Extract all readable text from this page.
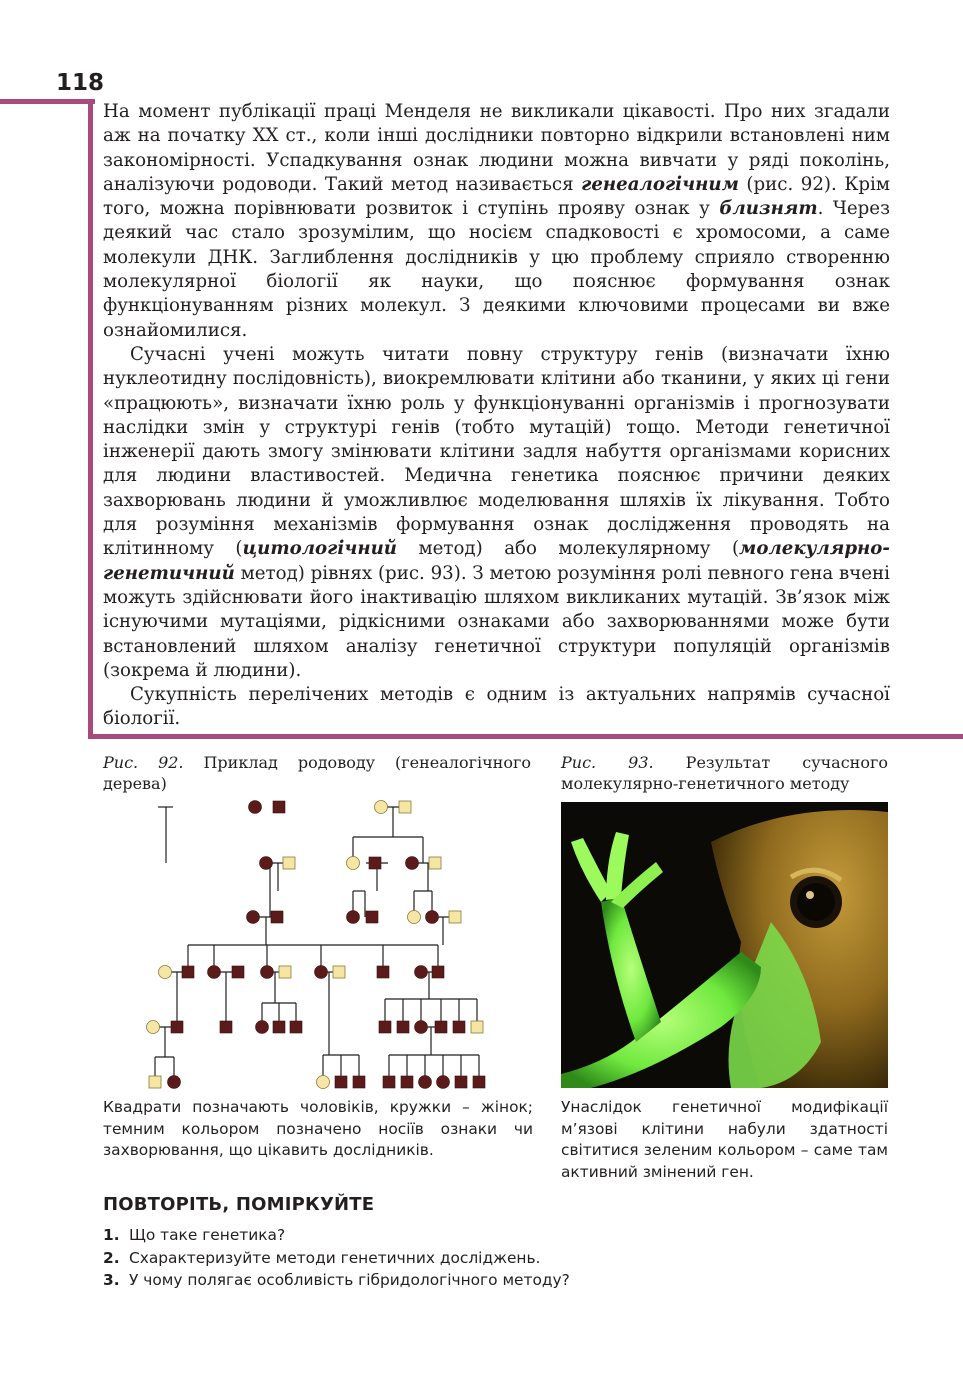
118

На момент публікації праці Менделя не викликали цікавості. Про них згадали аж на початку XX ст., коли інші дослідники повторно відкрили встановлені ним закономірності. Успадкування ознак людини можна вивчати у ряді поколінь, аналізуючи родоводи. Такий метод називається генеалогічним (рис. 92). Крім того, можна порівнювати розвиток і ступінь прояву ознак у близнят. Через деякий час стало зрозумілим, що носієм спадковості є хромосоми, а саме молекули ДНК. Заглиблення дослідників у цю проблему сприяло створенню молекулярної біології як науки, що пояснює формування ознак функціонуванням різних молекул. З деякими ключовими процесами ви вже ознайомилися.

Сучасні учені можуть читати повну структуру генів (визначати їхню нуклеотидну послідовність), виокремлювати клітини або тканини, у яких ці гени «працюють», визначати їхню роль у функціонуванні організмів і прогнозувати наслідки змін у структурі генів (тобто мутацій) тощо. Методи генетичної інженерії дають змогу змінювати клітини задля набуття організмами корисних для людини властивостей. Медична генетика пояснює причини деяких захворювань людини й уможливлює моделювання шляхів їх лікування. Тобто для розуміння механізмів формування ознак дослідження проводять на клітинному (цитологічний метод) або молекулярному (молекулярно-генетичний метод) рівнях (рис. 93). З метою розуміння ролі певного гена вчені можуть здійснювати його інактивацію шляхом викликаних мутацій. Зв’язок між існуючими мутаціями, рідкісними ознаками або захворюваннями може бути встановлений шляхом аналізу генетичної структури популяцій організмів (зокрема й людини).

Сукупність перелічених методів є одним із актуальних напрямів сучасної біології.

Рис. 92. Приклад родоводу (генеалогічного дерева)
Рис. 93. Результат сучасного молекулярно-генетичного методу
Квадрати позначають чоловіків, кружки – жінок; темним кольором позначено носіїв ознаки чи захворювання, що цікавить дослідників.
Унаслідок генетичної модифікації м’язові клітини набули здатності світитися зеленим кольором – саме там активний змінений ген.
ПОВТОРІТЬ, ПОМІРКУЙТЕ
1. Що таке генетика?
2. Схарактеризуйте методи генетичних досліджень.
3. У чому полягає особливість гібридологічного методу?
